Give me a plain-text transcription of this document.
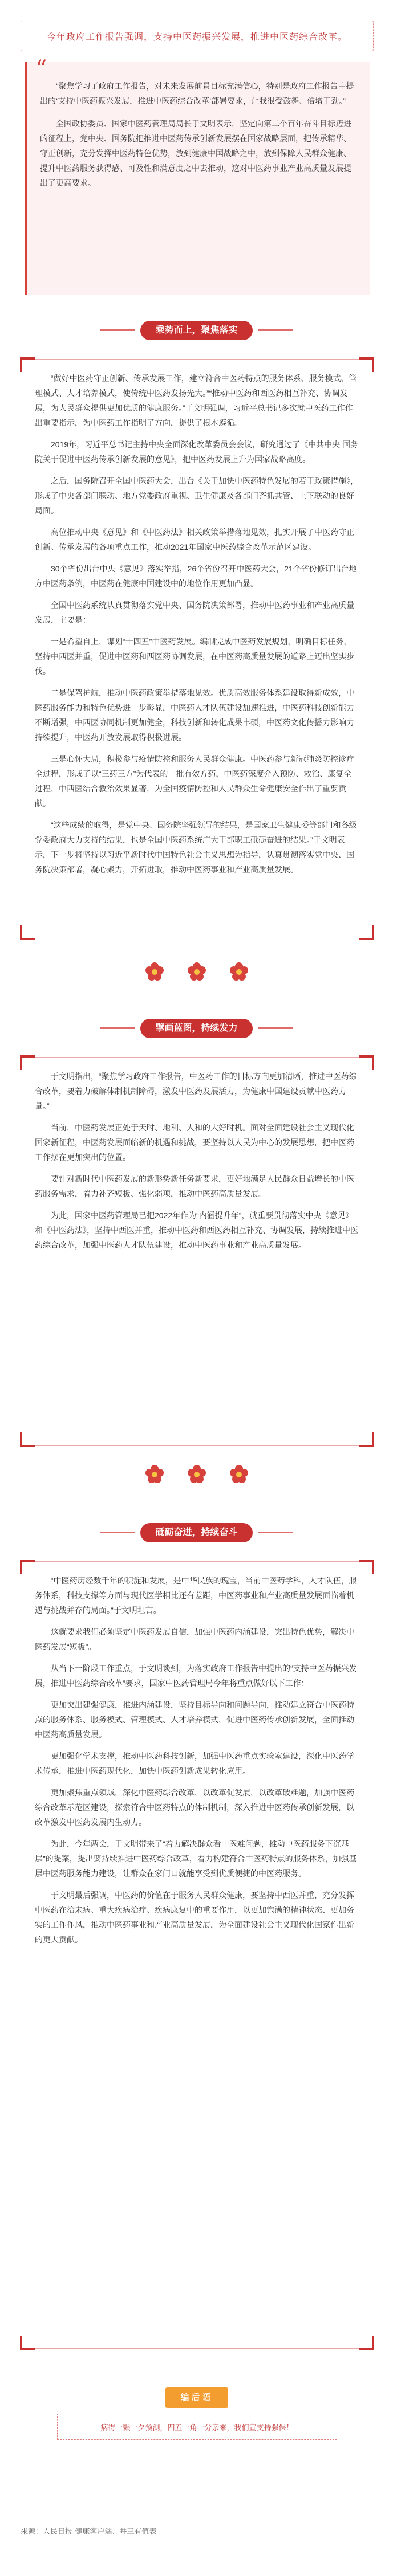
今年政府工作报告强调，支持中医药振兴发展，推进中医药综合改革。
“

“聚焦学习了政府工作报告，对未来发展前景目标充满信心，特别是政府工作报告中提出的‘支持中医药振兴发展，推进中医药综合改革’部署要求，让我很受鼓舞、倍增干劲。”

全国政协委员、国家中医药管理局局长于文明表示，坚定向第二个百年奋斗目标迈进的征程上，党中央、国务院把推进中医药传承创新发展摆在国家战略层面，把传承精华、守正创新，充分发挥中医药特色优势，放到健康中国战略之中，放到保障人民群众健康、提升中医药服务获得感、可及性和满意度之中去推动，这对中医药事业产业高质量发展提出了更高要求。

乘势而上，聚焦落实

“做好中医药守正创新、传承发展工作，建立符合中医药特点的服务体系、服务模式、管理模式、人才培养模式，使传统中医药发扬光大。”“推动中医药和西医药相互补充、协调发展，为人民群众提供更加优质的健康服务。”于文明强调，习近平总书记多次就中医药工作作出重要指示，为中医药工作指明了方向，提供了根本遵循。

2019年，习近平总书记主持中央全面深化改革委员会会议，研究通过了《中共中央 国务院关于促进中医药传承创新发展的意见》，把中医药发展上升为国家战略高度。

之后，国务院召开全国中医药大会，出台《关于加快中医药特色发展的若干政策措施》，形成了中央各部门联动、地方党委政府重视、卫生健康及各部门齐抓共管、上下联动的良好局面。

高位推动中央《意见》和《中医药法》相关政策举措落地见效，扎实开展了中医药守正创新、传承发展的各项重点工作，推动2021年国家中医药综合改革示范区建设。

30个省份出台中央《意见》落实举措，26个省份召开中医药大会，21个省份修订出台地方中医药条例，中医药在健康中国建设中的地位作用更加凸显。

全国中医药系统认真贯彻落实党中央、国务院决策部署，推动中医药事业和产业高质量发展，主要是：

一是希望自上，谋划“十四五”中医药发展。编制完成中医药发展规划，明确目标任务，坚持中西医并重，促进中医药和西医药协调发展，在中医药高质量发展的道路上迈出坚实步伐。

二是保驾护航，推动中医药政策举措落地见效。优质高效服务体系建设取得新成效，中医药服务能力和特色优势进一步彰显，中医药人才队伍建设加速推进，中医药科技创新能力不断增强，中西医协同机制更加健全，科技创新和转化成果丰硕，中医药文化传播力影响力持续提升，中医药开放发展取得积极进展。

三是心怀大局，积极参与疫情防控和服务人民群众健康。中医药参与新冠肺炎防控诊疗全过程，形成了以“三药三方”为代表的一批有效方药，中医药深度介入预防、救治、康复全过程，中西医结合救治效果显著，为全国疫情防控和人民群众生命健康安全作出了重要贡献。

“这些成绩的取得，是党中央、国务院坚强领导的结果，是国家卫生健康委等部门和各级党委政府大力支持的结果，也是全国中医药系统广大干部职工砥砺奋进的结果。”于文明表示，下一步将坚持以习近平新时代中国特色社会主义思想为指导，认真贯彻落实党中央、国务院决策部署，凝心聚力，开拓进取，推动中医药事业和产业高质量发展。

擘画蓝图，持续发力

于文明指出，“聚焦学习政府工作报告，中医药工作的目标方向更加清晰，推进中医药综合改革，要着力破解体制机制障碍，激发中医药发展活力，为健康中国建设贡献中医药力量。”

当前，中医药发展正处于天时、地利、人和的大好时机。面对全面建设社会主义现代化国家新征程，中医药发展面临新的机遇和挑战，要坚持以人民为中心的发展思想，把中医药工作摆在更加突出的位置。

要针对新时代中医药发展的新形势新任务新要求，更好地满足人民群众日益增长的中医药服务需求，着力补齐短板、强化弱项，推动中医药高质量发展。

为此，国家中医药管理局已把2022年作为“内涵提升年”，就重要贯彻落实中央《意见》和《中医药法》，坚持中西医并重，推动中医药和西医药相互补充、协调发展，持续推进中医药综合改革，加强中医药人才队伍建设，推动中医药事业和产业高质量发展。

砥砺奋进，持续奋斗

“中医药历经数千年的积淀和发展，是中华民族的瑰宝，当前中医药学科，人才队伍，服务体系，科技支撑等方面与现代医学相比还有差距，中医药事业和产业高质量发展面临着机遇与挑战并存的局面。”于文明坦言。

这就要求我们必须坚定中医药发展自信，加强中医药内涵建设，突出特色优势，解决中医药发展“短板”。

从当下一阶段工作重点，于文明谈到，为落实政府工作报告中提出的“支持中医药振兴发展，推进中医药综合改革”要求，国家中医药管理局今年将重点做好以下工作：

更加突出建强健康，推进内涵建设，坚持目标导向和问题导向，推动建立符合中医药特点的服务体系、服务模式、管理模式、人才培养模式，促进中医药传承创新发展，全面推动中医药高质量发展。

更加强化学术支撑，推动中医药科技创新，加强中医药重点实验室建设，深化中医药学术传承，推进中医药现代化，加快中医药创新成果转化应用。

更加聚焦重点领域，深化中医药综合改革，以改革促发展，以改革破难题，加强中医药综合改革示范区建设，探索符合中医药特点的体制机制，深入推进中医药传承创新发展，以改革激发中医药发展内生动力。

为此，今年两会，于文明带来了“着力解决群众看中医难问题，推动中医药服务下沉基层”的提案，提出要持续推进中医药综合改革，着力构建符合中医药特点的服务体系，加强基层中医药服务能力建设，让群众在家门口就能享受到优质便捷的中医药服务。

于文明最后强调，中医药的价值在于服务人民群众健康，要坚持中西医并重，充分发挥中医药在治未病、重大疾病治疗、疾病康复中的重要作用，以更加饱满的精神状态、更加务实的工作作风，推动中医药事业和产业高质量发展，为全面建设社会主义现代化国家作出新的更大贡献。

编后语
病得一颗一夕预测，四五一角一分亲来，我们宣支持强保！
来源：人民日报-健康客户端、井三有值表
